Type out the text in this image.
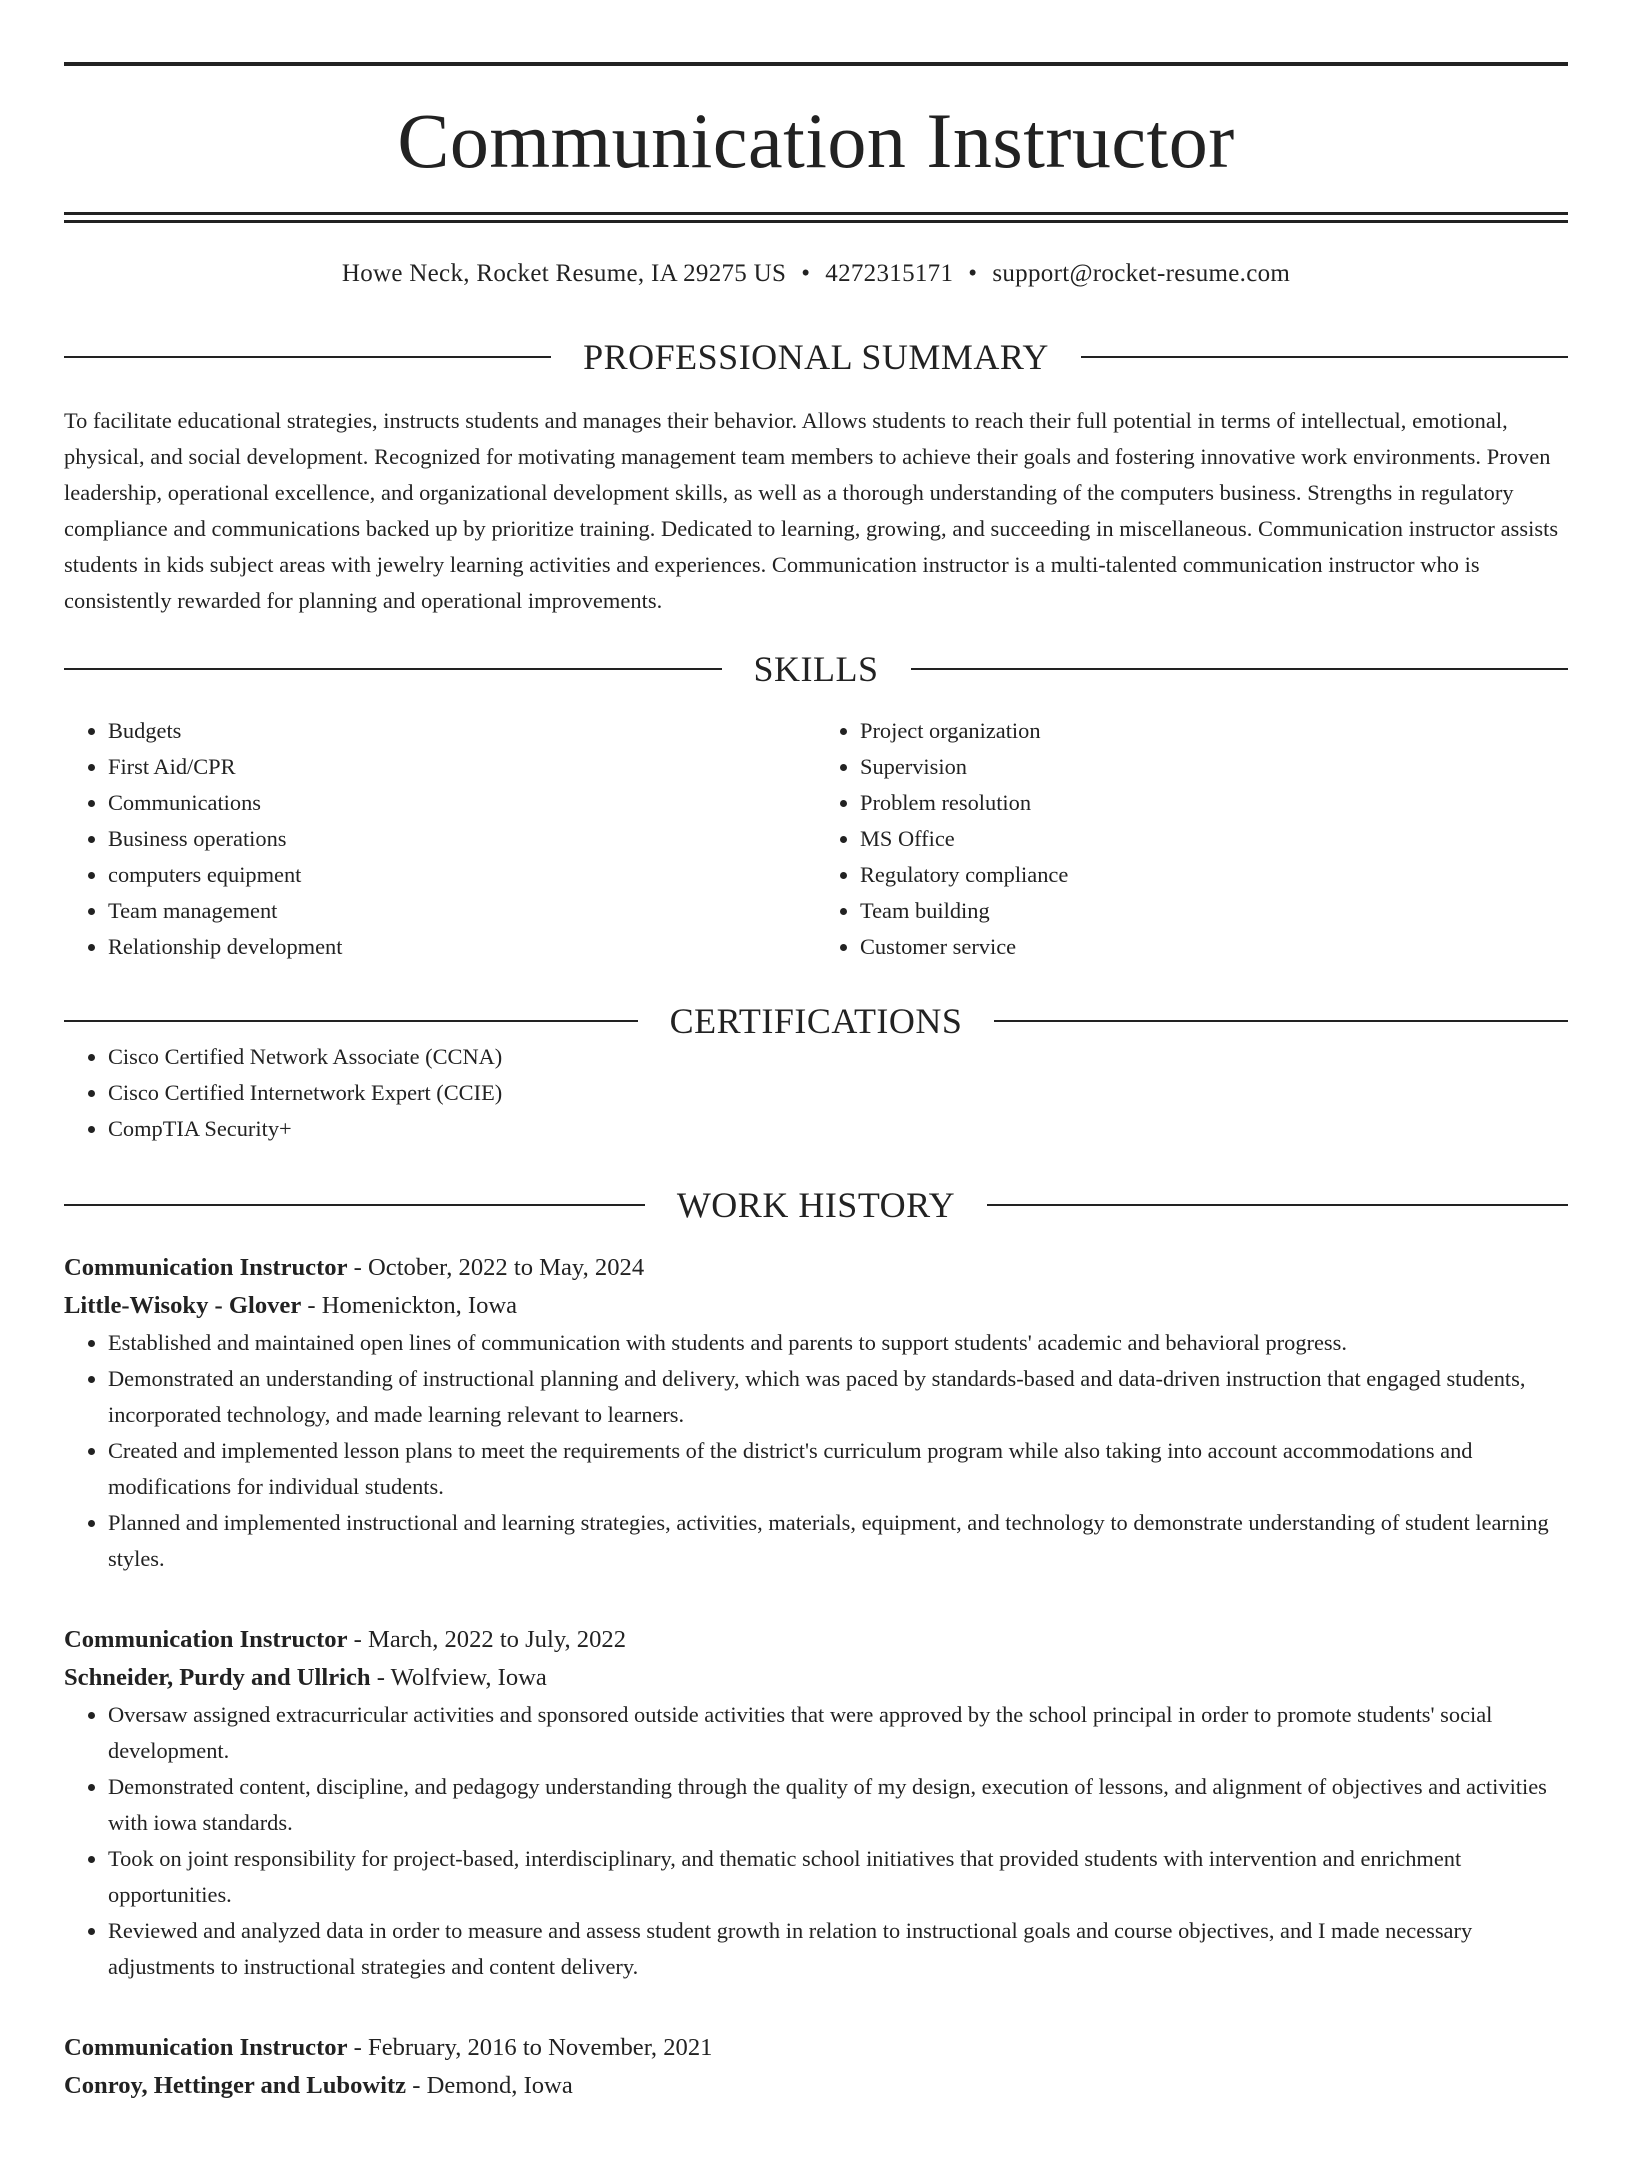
Communication Instructor
Howe Neck, Rocket Resume, IA 29275 US • 4272315171 • support@rocket-resume.com
PROFESSIONAL SUMMARY
To facilitate educational strategies, instructs students and manages their behavior. Allows students to reach their full potential in terms of intellectual, emotional, physical, and social development. Recognized for motivating management team members to achieve their goals and fostering innovative work environments. Proven leadership, operational excellence, and organizational development skills, as well as a thorough understanding of the computers business. Strengths in regulatory compliance and communications backed up by prioritize training. Dedicated to learning, growing, and succeeding in miscellaneous. Communication instructor assists students in kids subject areas with jewelry learning activities and experiences. Communication instructor is a multi-talented communication instructor who is consistently rewarded for planning and operational improvements.
SKILLS
• Budgets
• First Aid/CPR
• Communications
• Business operations
• computers equipment
• Team management
• Relationship development
• Project organization
• Supervision
• Problem resolution
• MS Office
• Regulatory compliance
• Team building
• Customer service
CERTIFICATIONS
• Cisco Certified Network Associate (CCNA)
• Cisco Certified Internetwork Expert (CCIE)
• CompTIA Security+
WORK HISTORY
Communication Instructor - October, 2022 to May, 2024
Little-Wisoky - Glover - Homenickton, Iowa
• Established and maintained open lines of communication with students and parents to support students' academic and behavioral progress.
• Demonstrated an understanding of instructional planning and delivery, which was paced by standards-based and data-driven instruction that engaged students, incorporated technology, and made learning relevant to learners.
• Created and implemented lesson plans to meet the requirements of the district's curriculum program while also taking into account accommodations and modifications for individual students.
• Planned and implemented instructional and learning strategies, activities, materials, equipment, and technology to demonstrate understanding of student learning styles.
Communication Instructor - March, 2022 to July, 2022
Schneider, Purdy and Ullrich - Wolfview, Iowa
• Oversaw assigned extracurricular activities and sponsored outside activities that were approved by the school principal in order to promote students' social development.
• Demonstrated content, discipline, and pedagogy understanding through the quality of my design, execution of lessons, and alignment of objectives and activities with iowa standards.
• Took on joint responsibility for project-based, interdisciplinary, and thematic school initiatives that provided students with intervention and enrichment opportunities.
• Reviewed and analyzed data in order to measure and assess student growth in relation to instructional goals and course objectives, and I made necessary adjustments to instructional strategies and content delivery.
Communication Instructor - February, 2016 to November, 2021
Conroy, Hettinger and Lubowitz - Demond, Iowa
